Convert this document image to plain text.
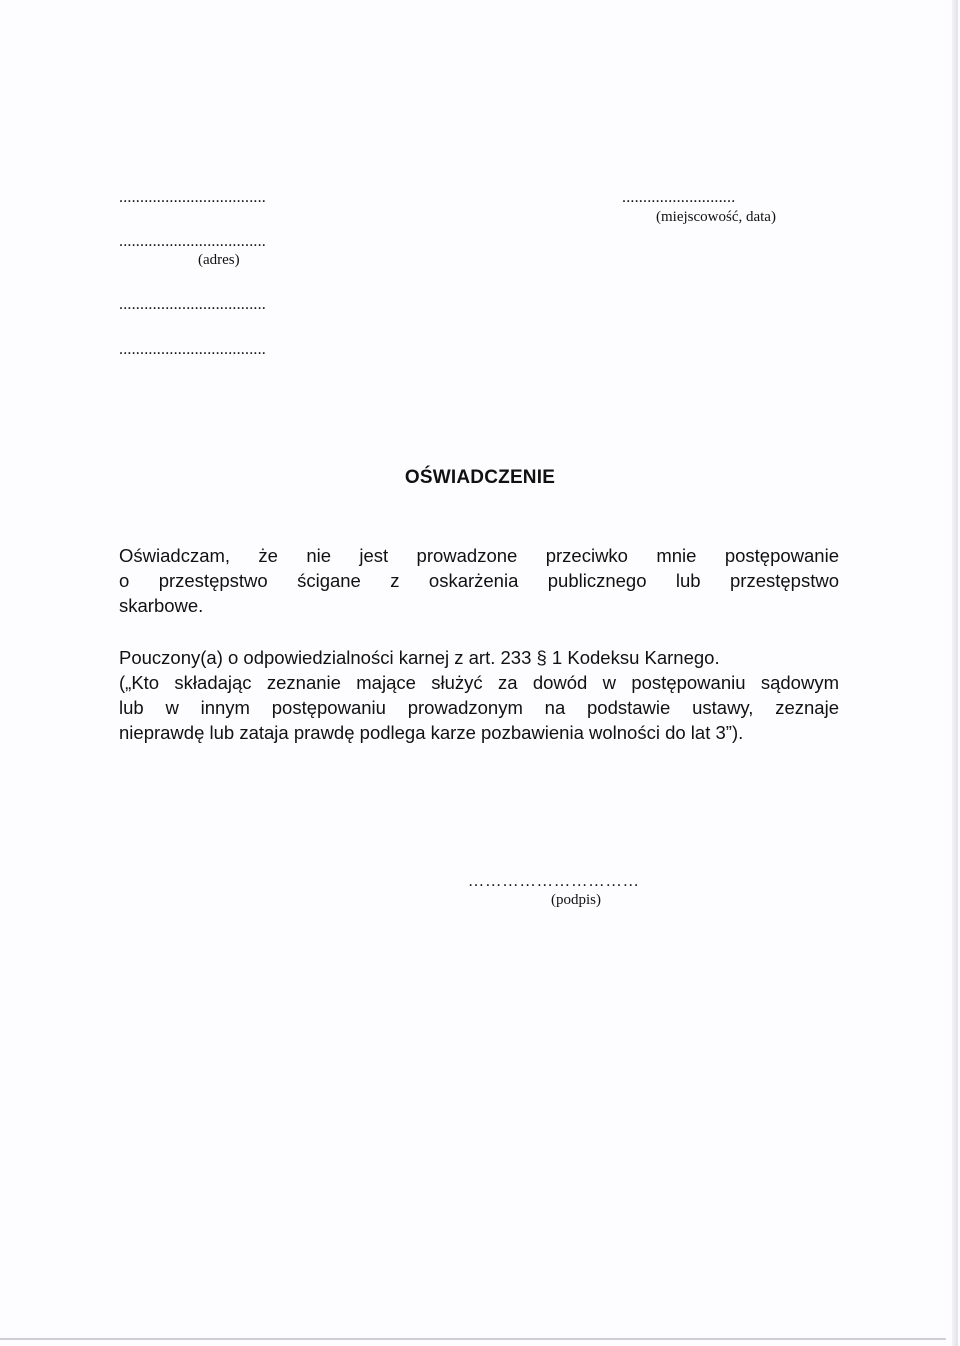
...................................
...................................
(adres)
...................................
...................................
...........................
(miejscowość, data)
OŚWIADCZENIE
Oświadczam, że nie jest prowadzone przeciwko mnie postępowanie
o przestępstwo ścigane z oskarżenia publicznego lub przestępstwo
skarbowe.
Pouczony(a) o odpowiedzialności karnej z art. 233 § 1 Kodeksu Karnego.
(„Kto składając zeznanie mające służyć za dowód w postępowaniu sądowym
lub w innym postępowaniu prowadzonym na podstawie ustawy, zeznaje
nieprawdę lub zataja prawdę podlega karze pozbawienia wolności do lat 3”).
…………………………
(podpis)
